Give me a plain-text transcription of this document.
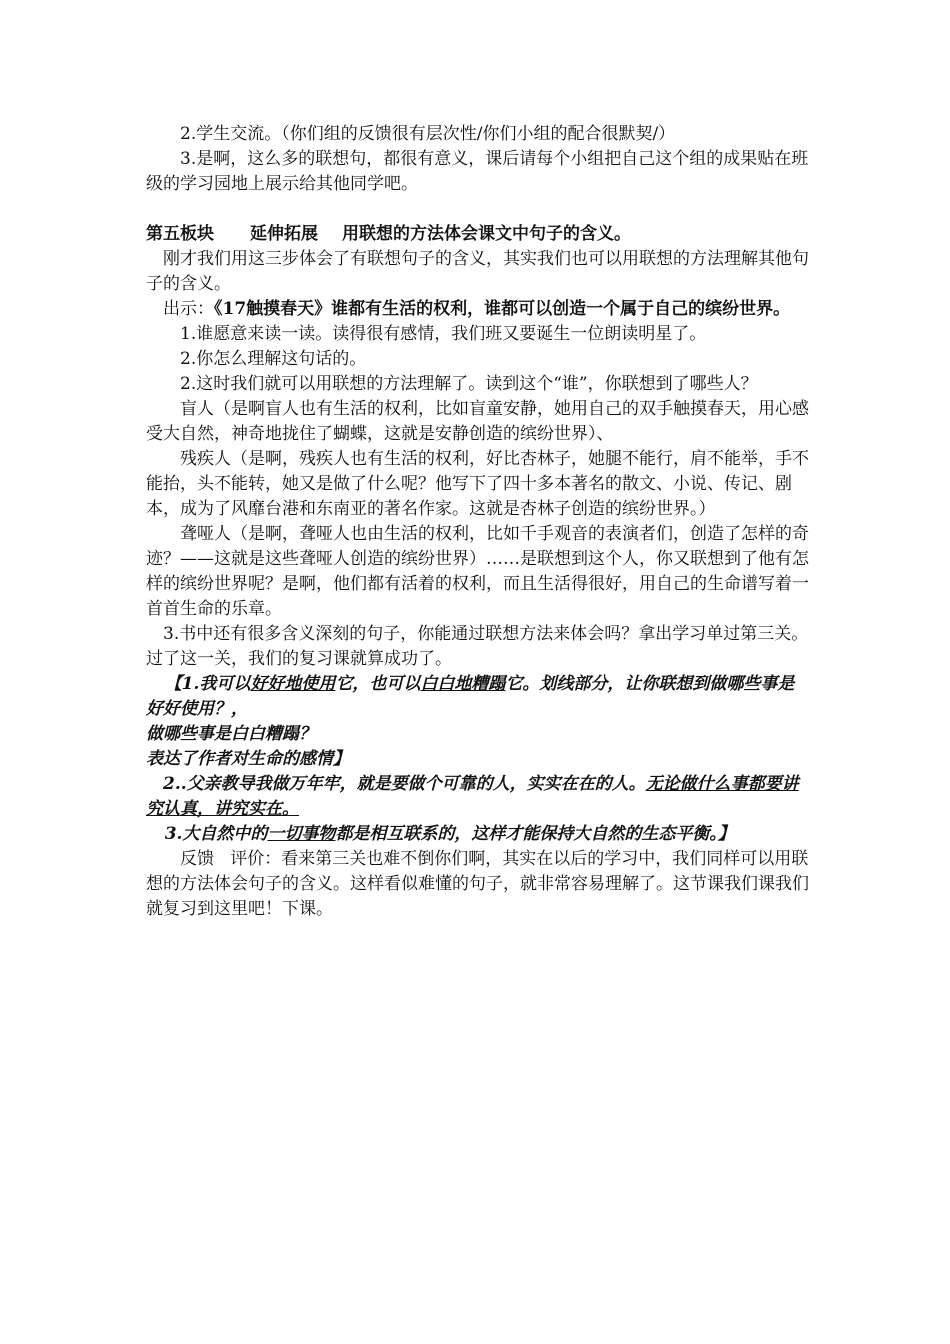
2.学生交流。（你们组的反馈很有层次性/你们小组的配合很默契/）

3.是啊，这么多的联想句，都很有意义，课后请每个小组把自己这个组的成果贴在班级的学习园地上展示给其他同学吧。

第五板块 延伸拓展 用联想的方法体会课文中句子的含义。

刚才我们用这三步体会了有联想句子的含义，其实我们也可以用联想的方法理解其他句子的含义。

出示：《17触摸春天》谁都有生活的权利，谁都可以创造一个属于自己的缤纷世界。

1.谁愿意来读一读。读得很有感情，我们班又要诞生一位朗读明星了。

2.你怎么理解这句话的。

2.这时我们就可以用联想的方法理解了。读到这个“谁”，你联想到了哪些人？

盲人（是啊盲人也有生活的权利，比如盲童安静，她用自己的双手触摸春天，用心感受大自然，神奇地拢住了蝴蝶，这就是安静创造的缤纷世界）、

残疾人（是啊，残疾人也有生活的权利，好比杏林子，她腿不能行，肩不能举，手不能抬，头不能转，她又是做了什么呢？他写下了四十多本著名的散文、小说、传记、剧本，成为了风靡台港和东南亚的著名作家。这就是杏林子创造的缤纷世界。）

聋哑人（是啊，聋哑人也由生活的权利，比如千手观音的表演者们，创造了怎样的奇迹？——这就是这些聋哑人创造的缤纷世界）……是联想到这个人，你又联想到了他有怎样的缤纷世界呢？是啊，他们都有活着的权利，而且生活得很好，用自己的生命谱写着一首首生命的乐章。

3.书中还有很多含义深刻的句子，你能通过联想方法来体会吗？拿出学习单过第三关。过了这一关，我们的复习课就算成功了。

【1.我可以好好地使用它，也可以白白地糟蹋它。划线部分，让你联想到做哪些事是好好使用？，

做哪些事是白白糟蹋？

表达了作者对生命的感情】

2..父亲教导我做万年牢，就是要做个可靠的人，实实在在的人。无论做什么事都要讲究认真，讲究实在。

3.大自然中的一切事物都是相互联系的，这样才能保持大自然的生态平衡。】

反馈 评价：看来第三关也难不倒你们啊，其实在以后的学习中，我们同样可以用联想的方法体会句子的含义。这样看似难懂的句子，就非常容易理解了。这节课我们课我们就复习到这里吧！下课。
